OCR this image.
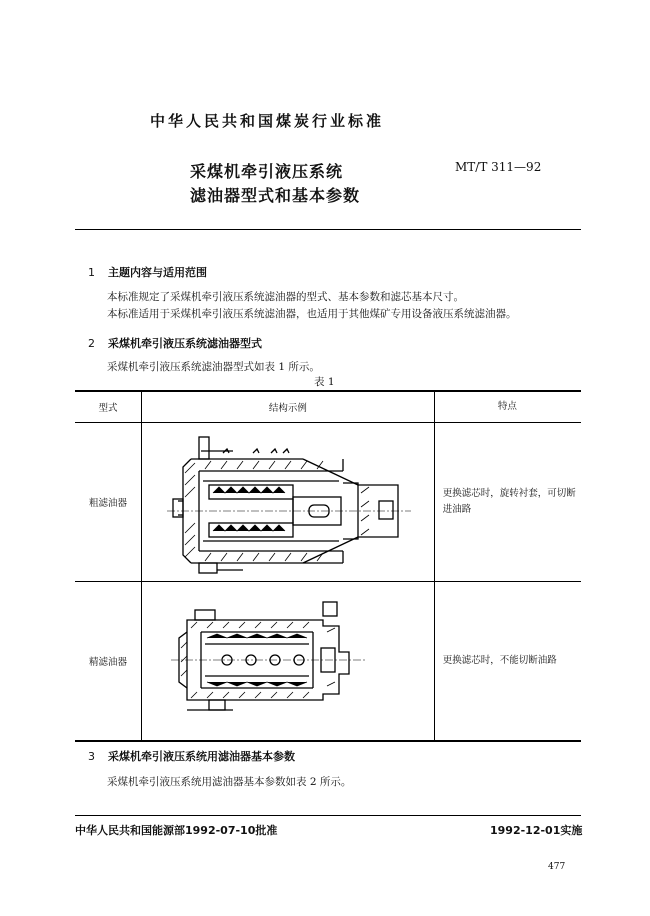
中华人民共和国煤炭行业标准
采煤机牵引液压系统
滤油器型式和基本参数
MT/T 311—92
1 主题内容与适用范围
本标准规定了采煤机牵引液压系统滤油器的型式、基本参数和滤芯基本尺寸。
本标准适用于采煤机牵引液压系统滤油器，也适用于其他煤矿专用设备液压系统滤油器。
2 采煤机牵引液压系统滤油器型式
采煤机牵引液压系统滤油器型式如表 1 所示。
表 1
型式	结构示例	特点
粗滤油器		更换滤芯时，旋转衬套，可切断
进油路

精滤油器		更换滤芯时，不能切断油路
3 采煤机牵引液压系统用滤油器基本参数
采煤机牵引液压系统用滤油器基本参数如表 2 所示。
中华人民共和国能源部1992-07-10批准	1992-12-01实施
477
